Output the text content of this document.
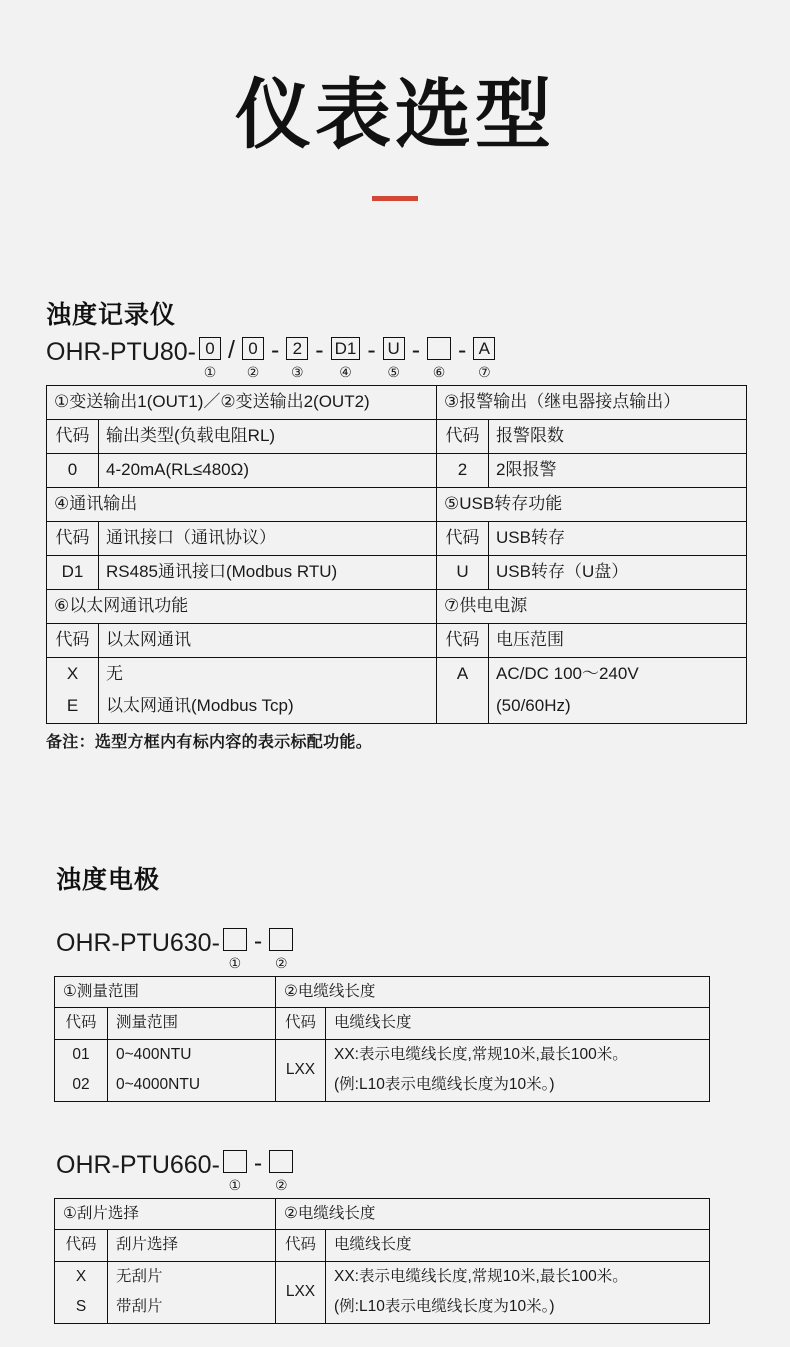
仪表选型
浊度记录仪
OHR-PTU80- 0
①
/ 0
②
- 2
③
- D1
④
- U
⑤
-
⑥
- A
⑦
①变送输出1(OUT1)／②变送输出2(OUT2)		③报警输出（继电器接点输出）	
代码	输出类型(负载电阻RL)	代码	报警限数
0	4-20mA(RL≤480Ω)	2	2限报警
④通讯输出		⑤USB转存功能	
代码	通讯接口（通讯协议）	代码	USB转存
D1	RS485通讯接口(Modbus RTU)	U	USB转存（U盘）
⑥以太网通讯功能		⑦供电电源	
代码	以太网通讯	代码	电压范围
X	无	A	AC/DC 100～240V
E	以太网通讯(Modbus Tcp)		(50/60Hz)
备注：选型方框内有标内容的表示标配功能。
浊度电极
OHR-PTU630-
①
-
②
①测量范围		②电缆线长度	
代码	测量范围	代码	电缆线长度
01	0~400NTU	LXX	XX:表示电缆线长度,常规10米,最长100米。
02	0~4000NTU		(例:L10表示电缆线长度为10米。)
OHR-PTU660-
①
-
②
①刮片选择		②电缆线长度	
代码	刮片选择	代码	电缆线长度
X	无刮片	LXX	XX:表示电缆线长度,常规10米,最长100米。
S	带刮片		(例:L10表示电缆线长度为10米。)
